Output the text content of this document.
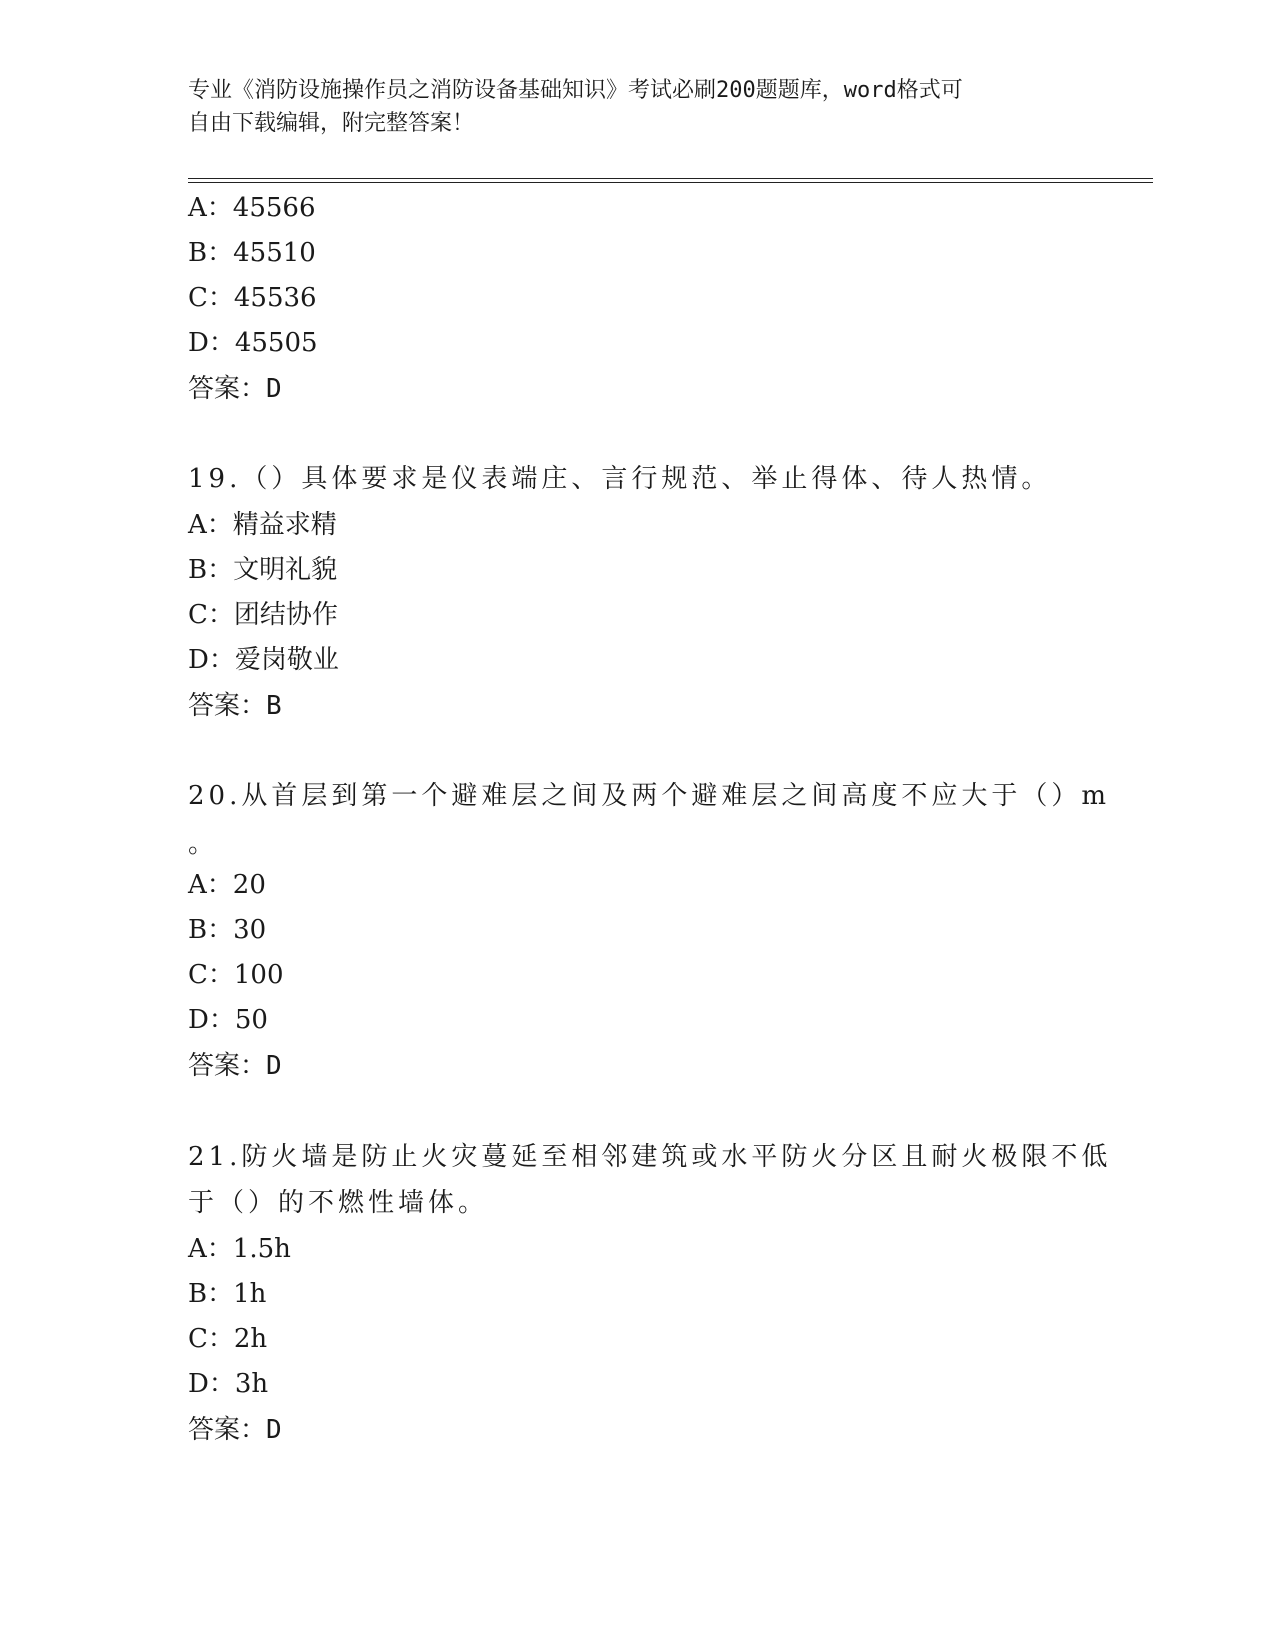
专业《消防设施操作员之消防设备基础知识》考试必刷200题题库，word格式可
自由下载编辑，附完整答案！
A：45566
B：45510
C：45536
D：45505
答案：D
19.（）具体要求是仪表端庄、言行规范、举止得体、待人热情。
A：精益求精
B：文明礼貌
C：团结协作
D：爱岗敬业
答案：B
20.从首层到第一个避难层之间及两个避难层之间高度不应大于（）m
。
A：20
B：30
C：100
D：50
答案：D
21.防火墙是防止火灾蔓延至相邻建筑或水平防火分区且耐火极限不低
于（）的不燃性墙体。
A：1.5h
B：1h
C：2h
D：3h
答案：D
